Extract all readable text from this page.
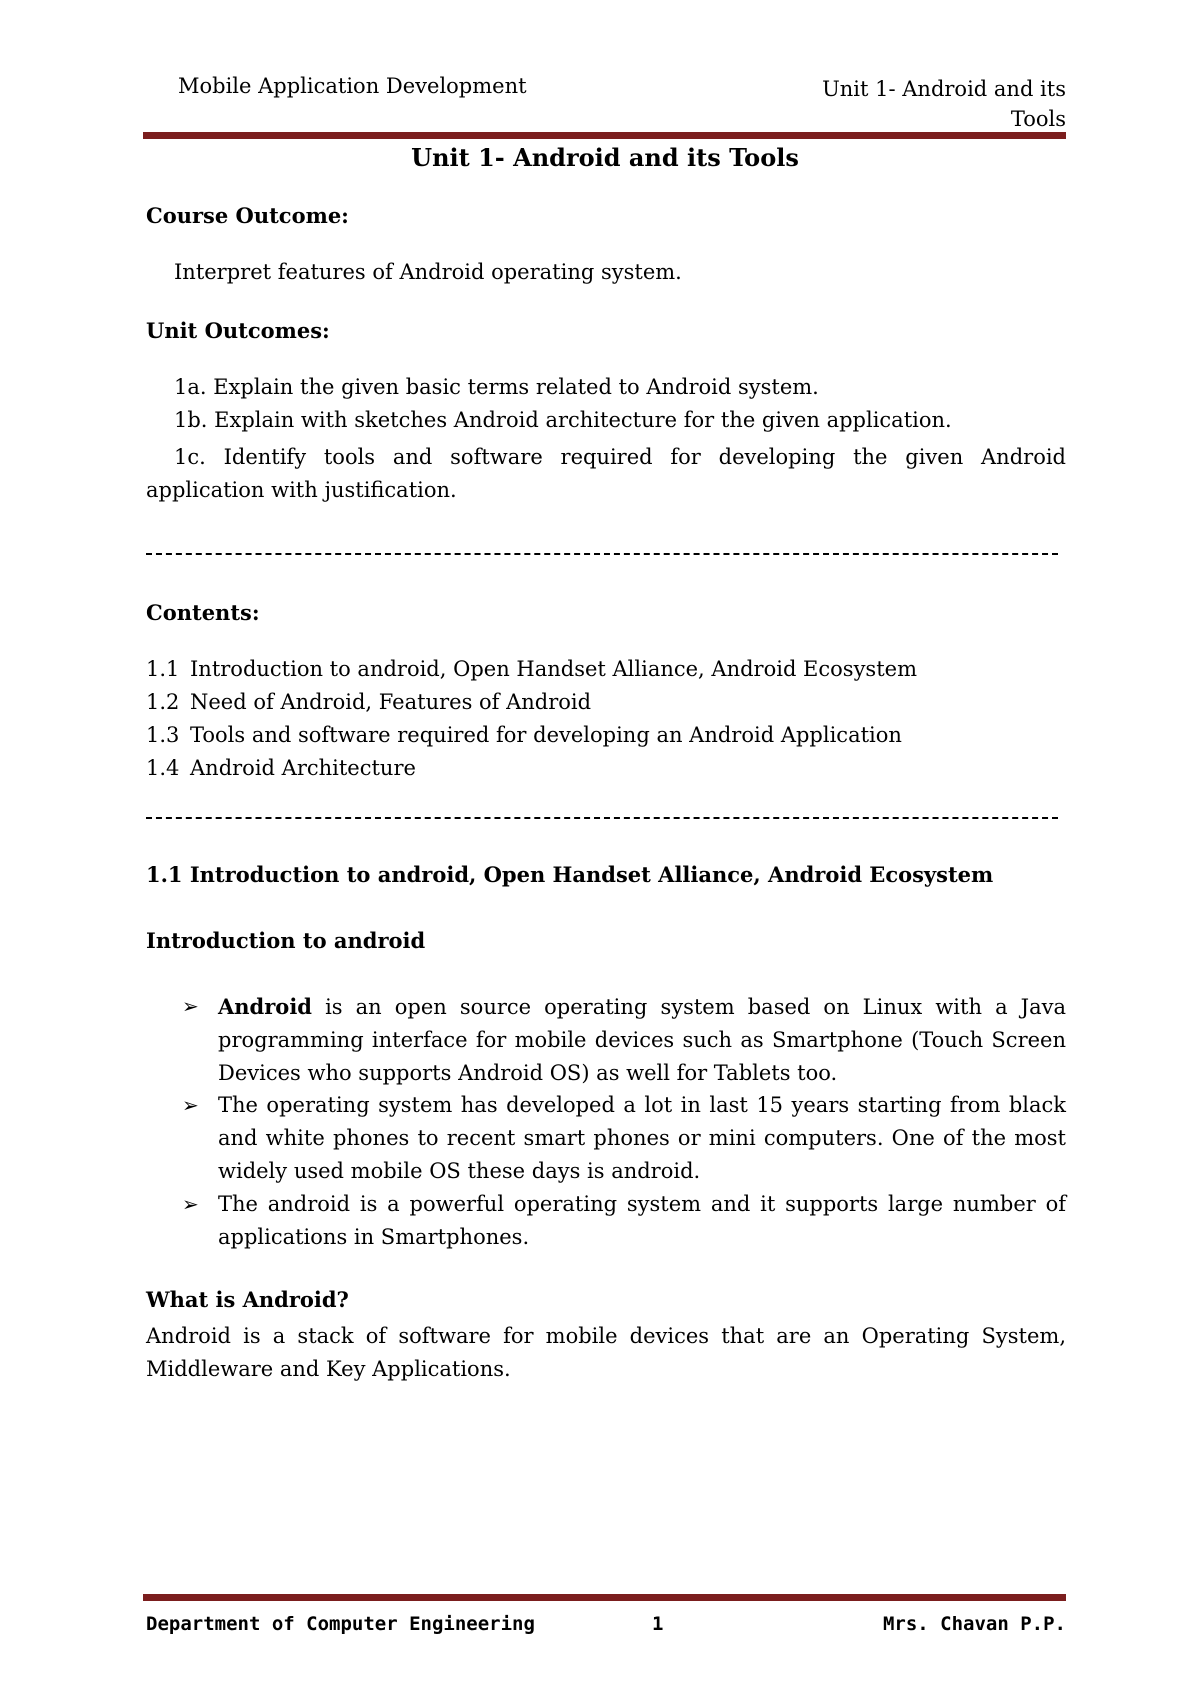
Mobile Application Development	Unit 1- Android and its
Tools
Unit 1- Android and its Tools
Course Outcome:
Interpret features of Android operating system.
Unit Outcomes:
1a. Explain the given basic terms related to Android system.
1b. Explain with sketches Android architecture for the given application.
1c. Identify tools and software required for developing the given Android application with justification.
Contents:
1.1 Introduction to android, Open Handset Alliance, Android Ecosystem
1.2 Need of Android, Features of Android
1.3 Tools and software required for developing an Android Application
1.4 Android Architecture
1.1 Introduction to android, Open Handset Alliance, Android Ecosystem
Introduction to android
➢ Android is an open source operating system based on Linux with a Java programming interface for mobile devices such as Smartphone (Touch Screen Devices who supports Android OS) as well for Tablets too.
➢ The operating system has developed a lot in last 15 years starting from black and white phones to recent smart phones or mini computers. One of the most widely used mobile OS these days is android.
➢ The android is a powerful operating system and it supports large number of applications in Smartphones.
What is Android?
Android is a stack of software for mobile devices that are an Operating System, Middleware and Key Applications.
Department of Computer Engineering	1	Mrs. Chavan P.P.
